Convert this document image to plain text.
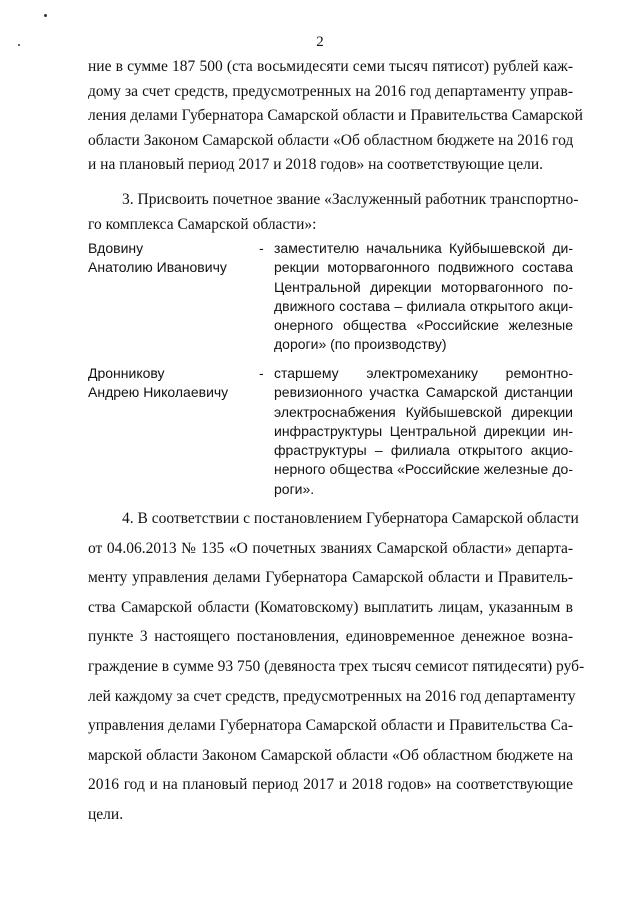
2
ние в сумме 187 500 (ста восьмидесяти семи тысяч пятисот) рублей каж-
дому за счет средств, предусмотренных на 2016 год департаменту управ-
ления делами Губернатора Самарской области и Правительства Самарской
области Законом Самарской области «Об областном бюджете на 2016 год
и на плановый период 2017 и 2018 годов» на соответствующие цели.
3. Присвоить почетное звание «Заслуженный работник транспортно-
го комплекса Самарской области»:
Вдовину
Анатолию Ивановичу
- заместителю начальника Куйбышевской ди-
рекции моторвагонного подвижного состава
Центральной дирекции моторвагонного по-
движного состава – филиала открытого акци-
онерного общества «Российские железные
дороги» (по производству)
Дронникову
Андрею Николаевичу
- старшему электромеханику ремонтно-
ревизионного участка Самарской дистанции
электроснабжения Куйбышевской дирекции
инфраструктуры Центральной дирекции ин-
фраструктуры – филиала открытого акцио-
нерного общества «Российские железные до-
роги».
4. В соответствии с постановлением Губернатора Самарской области
от 04.06.2013 № 135 «О почетных званиях Самарской области» департа-
менту управления делами Губернатора Самарской области и Правитель-
ства Самарской области (Коматовскому) выплатить лицам, указанным в
пункте 3 настоящего постановления, единовременное денежное возна-
граждение в сумме 93 750 (девяноста трех тысяч семисот пятидесяти) руб-
лей каждому за счет средств, предусмотренных на 2016 год департаменту
управления делами Губернатора Самарской области и Правительства Са-
марской области Законом Самарской области «Об областном бюджете на
2016 год и на плановый период 2017 и 2018 годов» на соответствующие
цели.
